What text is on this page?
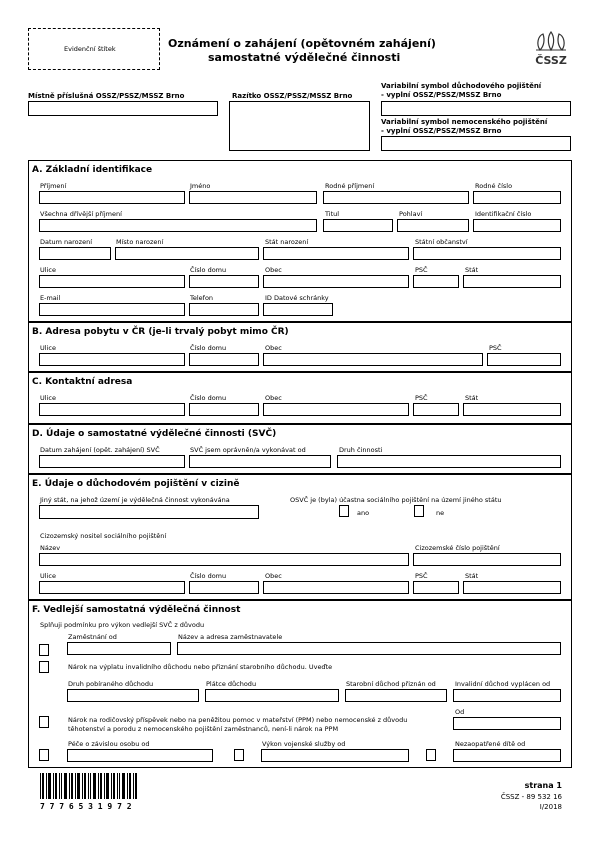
Evidenční štítek	Oznámení o zahájení (opětovném zahájení)
samostatné výdělečné činnosti	ČSSZ
Místně příslušná OSSZ/PSSZ/MSSZ Brno	Razítko OSSZ/PSSZ/MSSZ Brno
Variabilní symbol důchodového pojištění
- vyplní OSSZ/PSSZ/MSSZ Brno
Variabilní symbol nemocenského pojištění
- vyplní OSSZ/PSSZ/MSSZ Brno
A. Základní identifikace
Příjmení	Jméno	Rodné příjmení	Rodné číslo
Všechna dřívější příjmení	Titul	Pohlaví	Identifikační číslo
Datum narození	Místo narození	Stát narození	Státní občanství
Ulice	Číslo domu	Obec	PSČ	Stát
E-mail	Telefon	ID Datové schránky
B. Adresa pobytu v ČR (je-li trvalý pobyt mimo ČR)
Ulice	Číslo domu	Obec	PSČ
C. Kontaktní adresa
Ulice	Číslo domu	Obec	PSČ	Stát
D. Údaje o samostatné výdělečné činnosti (SVČ)
Datum zahájení (opět. zahájení) SVČ	SVČ jsem oprávněn/a vykonávat od	Druh činnosti
E. Údaje o důchodovém pojištění v cizině
Jiný stát, na jehož území je výdělečná činnost vykonávána	OSVČ je (byla) účastna sociálního pojištění na území jiného státu
ano	ne
Cizozemský nositel sociálního pojištění
Název	Cizozemské číslo pojištění
Ulice	Číslo domu	Obec	PSČ	Stát
F. Vedlejší samostatná výdělečná činnost
Splňuji podmínku pro výkon vedlejší SVČ z důvodu
Zaměstnání od	Název a adresa zaměstnavatele
Nárok na výplatu invalidního důchodu nebo přiznání starobního důchodu. Uveďte
Druh pobíraného důchodu	Plátce důchodu	Starobní důchod přiznán od	Invalidní důchod vyplácen od
Od
Nárok na rodičovský příspěvek nebo na peněžitou pomoc v mateřství (PPM) nebo nemocenské z důvodu
těhotenství a porodu z nemocenského pojištění zaměstnanců, není-li nárok na PPM
Péče o závislou osobu od	Výkon vojenské služby od	Nezaopatřené dítě od
7 7 7 6 5 3 1 9 7 2
strana 1
ČSSZ - 89 532 16
I/2018
